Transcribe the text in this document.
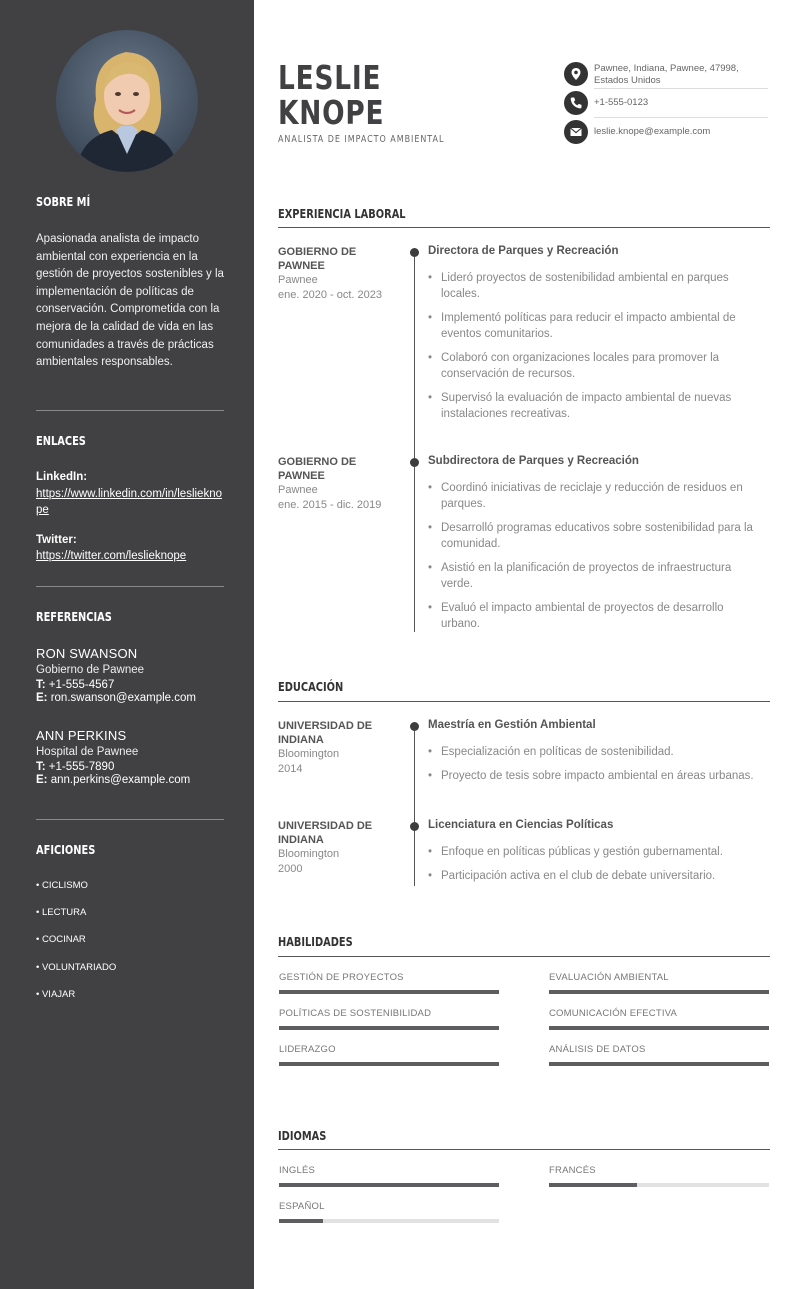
SOBRE MÍ
Apasionada analista de impacto ambiental con experiencia en la gestión de proyectos sostenibles y la implementación de políticas de conservación. Comprometida con la mejora de la calidad de vida en las comunidades a través de prácticas ambientales responsables.
ENLACES
LinkedIn:
https://www.linkedin.com/in/leslieknope
Twitter:
https://twitter.com/leslieknope
REFERENCIAS
RON SWANSON
Gobierno de Pawnee
T: +1-555-4567
E: ron.swanson@example.com
ANN PERKINS
Hospital de Pawnee
T: +1-555-7890
E: ann.perkins@example.com
AFICIONES
• CICLISMO
• LECTURA
• COCINAR
• VOLUNTARIADO
• VIAJAR
LESLIE
KNOPE
ANALISTA DE IMPACTO AMBIENTAL
Pawnee, Indiana, Pawnee, 47998, Estados Unidos
+1-555-0123
leslie.knope@example.com
EXPERIENCIA LABORAL
GOBIERNO DE PAWNEE
Pawnee
ene. 2020 - oct. 2023
Directora de Parques y Recreación
• Lideró proyectos de sostenibilidad ambiental en parques locales.
• Implementó políticas para reducir el impacto ambiental de eventos comunitarios.
• Colaboró con organizaciones locales para promover la conservación de recursos.
• Supervisó la evaluación de impacto ambiental de nuevas instalaciones recreativas.
GOBIERNO DE PAWNEE
Pawnee
ene. 2015 - dic. 2019
Subdirectora de Parques y Recreación
• Coordinó iniciativas de reciclaje y reducción de residuos en parques.
• Desarrolló programas educativos sobre sostenibilidad para la comunidad.
• Asistió en la planificación de proyectos de infraestructura verde.
• Evaluó el impacto ambiental de proyectos de desarrollo urbano.
EDUCACIÓN
UNIVERSIDAD DE INDIANA
Bloomington
2014
Maestría en Gestión Ambiental
• Especialización en políticas de sostenibilidad.
• Proyecto de tesis sobre impacto ambiental en áreas urbanas.
UNIVERSIDAD DE INDIANA
Bloomington
2000
Licenciatura en Ciencias Políticas
• Enfoque en políticas públicas y gestión gubernamental.
• Participación activa en el club de debate universitario.
HABILIDADES
GESTIÓN DE PROYECTOS	EVALUACIÓN AMBIENTAL
POLÍTICAS DE SOSTENIBILIDAD	COMUNICACIÓN EFECTIVA
LIDERAZGO	ANÁLISIS DE DATOS
IDIOMAS
INGLÉS	FRANCÉS
ESPAÑOL
